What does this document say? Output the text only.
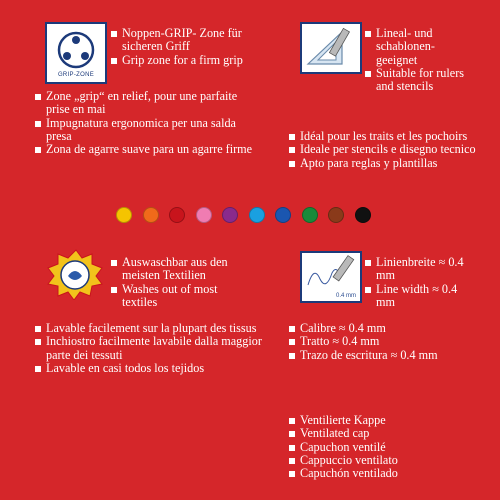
GRIP-ZONE
Noppen-GRIP- Zone für sicheren Griff
Grip zone for a firm grip
Zone „grip“ en relief, pour une parfaite prise en mai
Impugnatura ergonomica per una salda presa
Zona de agarre suave para un agarre firme
Lineal- und schablonen-geeignet
Suitable for rulers and stencils
Idéal pour les traits et les pochoirs
Ideale per stencils e disegno tecnico
Apto para reglas y plantillas
Auswaschbar aus den meisten Textilien
Washes out of most textiles
Lavable facilement sur la plupart des tissus
Inchiostro facilmente lavabile dalla maggior parte dei tessuti
Lavable en casi todos los tejidos
0.4 mm
Linienbreite ≈ 0.4 mm
Line width ≈ 0.4 mm
Calibre ≈ 0.4 mm
Tratto ≈ 0.4 mm
Trazo de escritura ≈ 0.4 mm
Ventilierte Kappe
Ventilated cap
Capuchon ventilé
Cappuccio ventilato
Capuchón ventilado
